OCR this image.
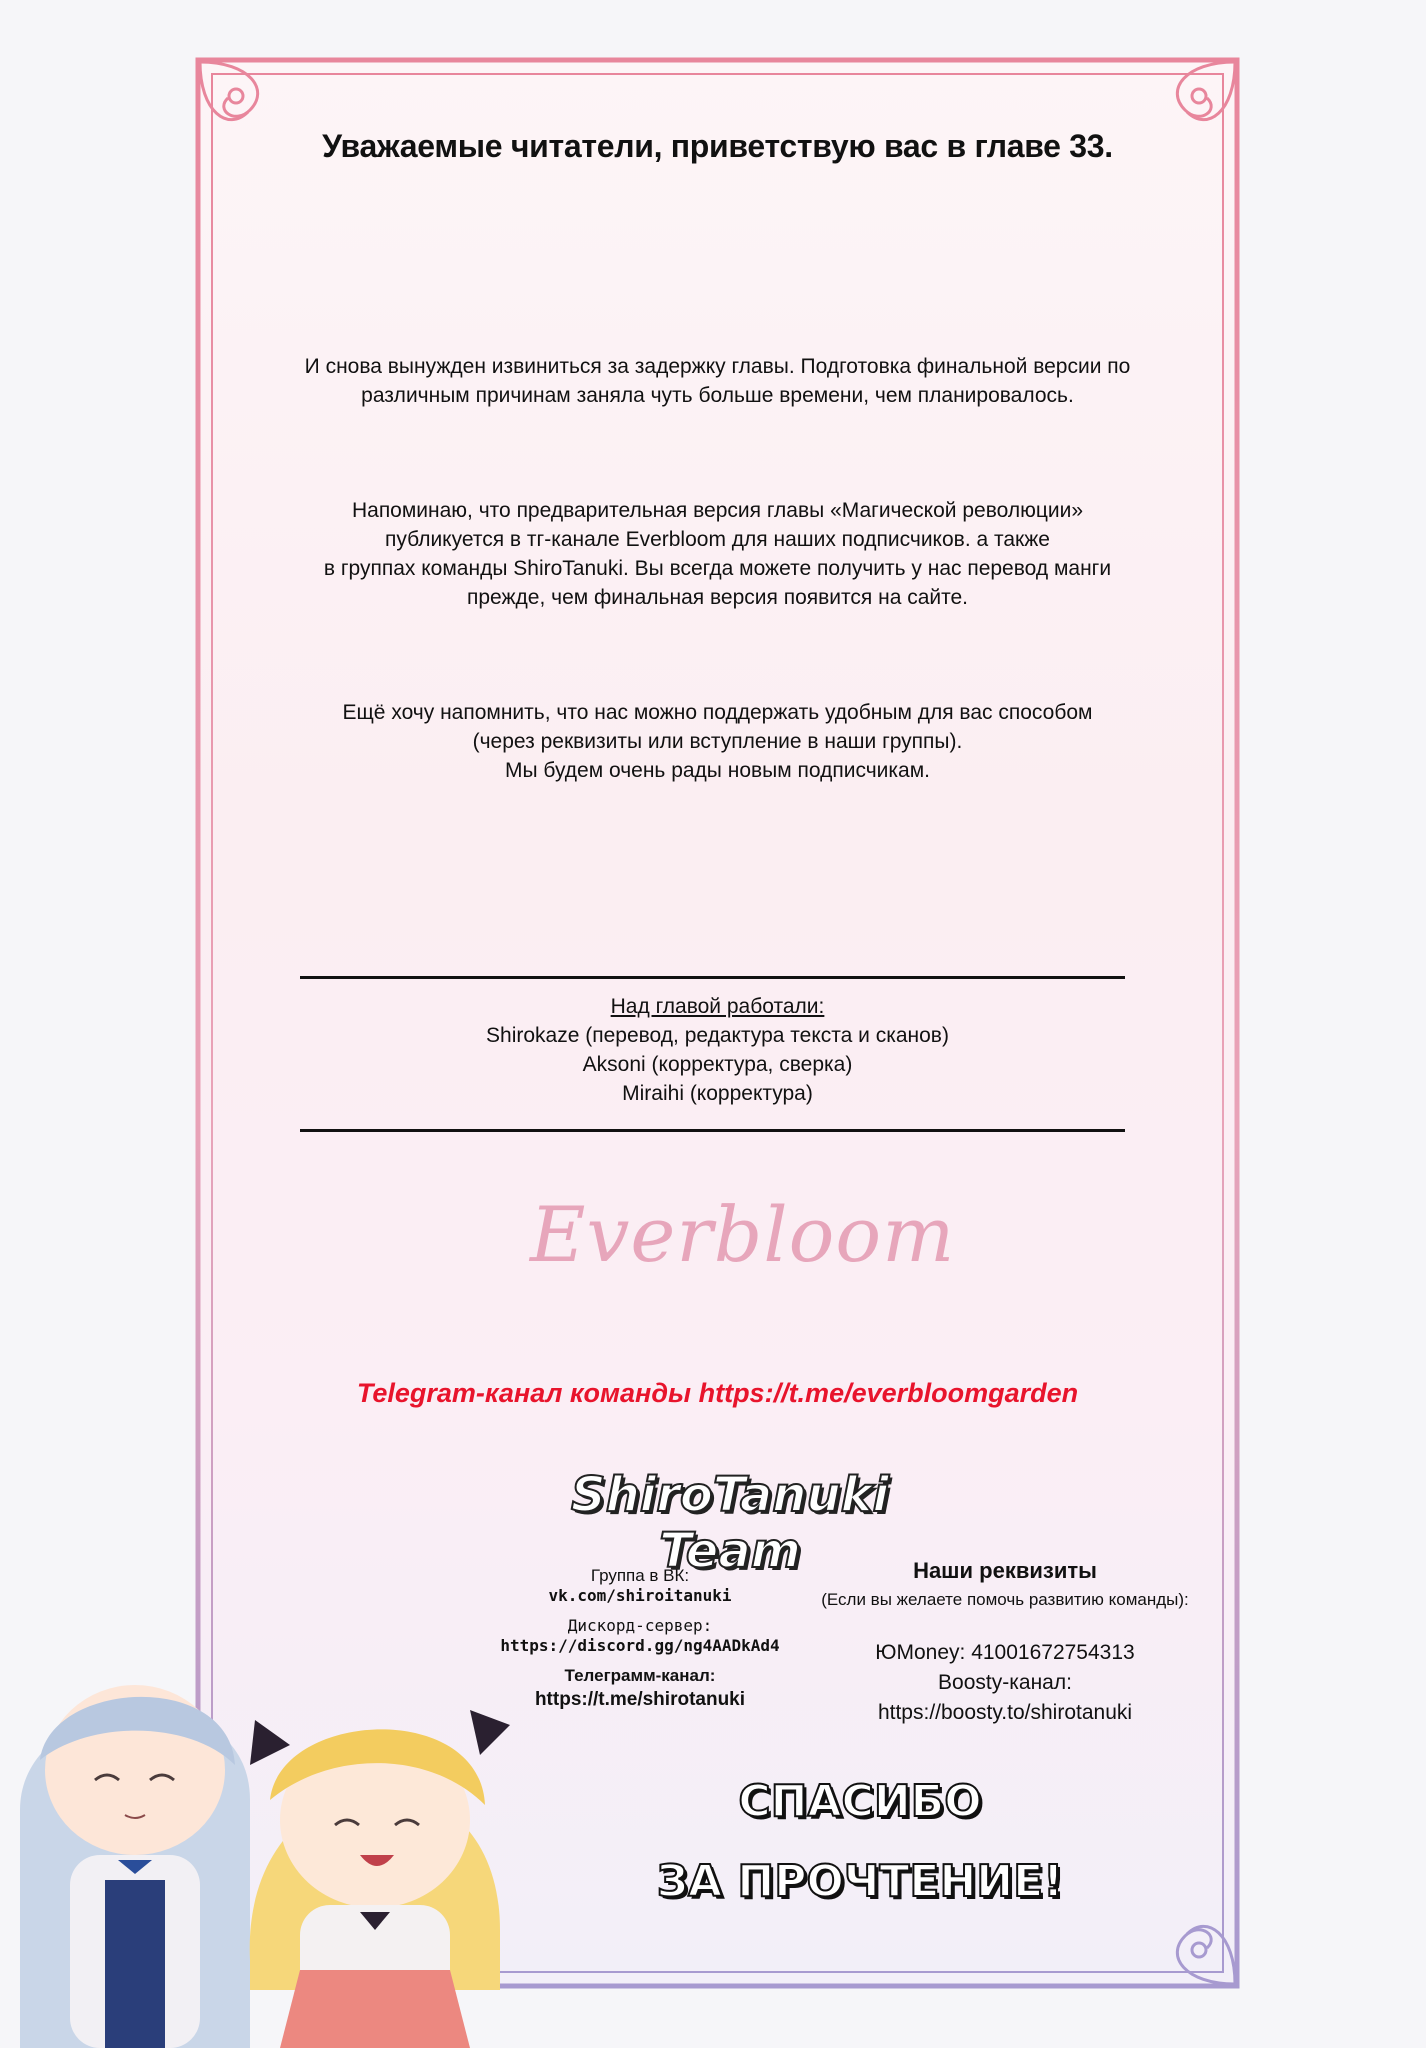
Уважаемые читатели, приветствую вас в главе 33.
И снова вынужден извиниться за задержку главы. Подготовка финальной версии по
различным причинам заняла чуть больше времени, чем планировалось.
Напоминаю, что предварительная версия главы «Магической революции»
публикуется в тг-канале Everbloom для наших подписчиков. а также
в группах команды ShiroTanuki. Вы всегда можете получить у нас перевод манги
прежде, чем финальная версия появится на сайте.
Ещё хочу напомнить, что нас можно поддержать удобным для вас способом
(через реквизиты или вступление в наши группы).
Мы будем очень рады новым подписчикам.
Над главой работали:
Shirokaze (перевод, редактура текста и сканов)
Aksoni (корректура, сверка)
Miraihi (корректура)
Everbloom
Telegram-канал команды https://t.me/everbloomgarden
ShiroTanuki Team
Группа в ВК:
vk.com/shiroitanuki
Дискорд-сервер:
https://discord.gg/ng4AADkAd4
Телеграмм-канал:
https://t.me/shirotanuki
Наши реквизиты
(Если вы желаете помочь развитию команды):
ЮMoney: 41001672754313
Boosty-канал:
https://boosty.to/shirotanuki
СПАСИБО
ЗА ПРОЧТЕНИЕ!
